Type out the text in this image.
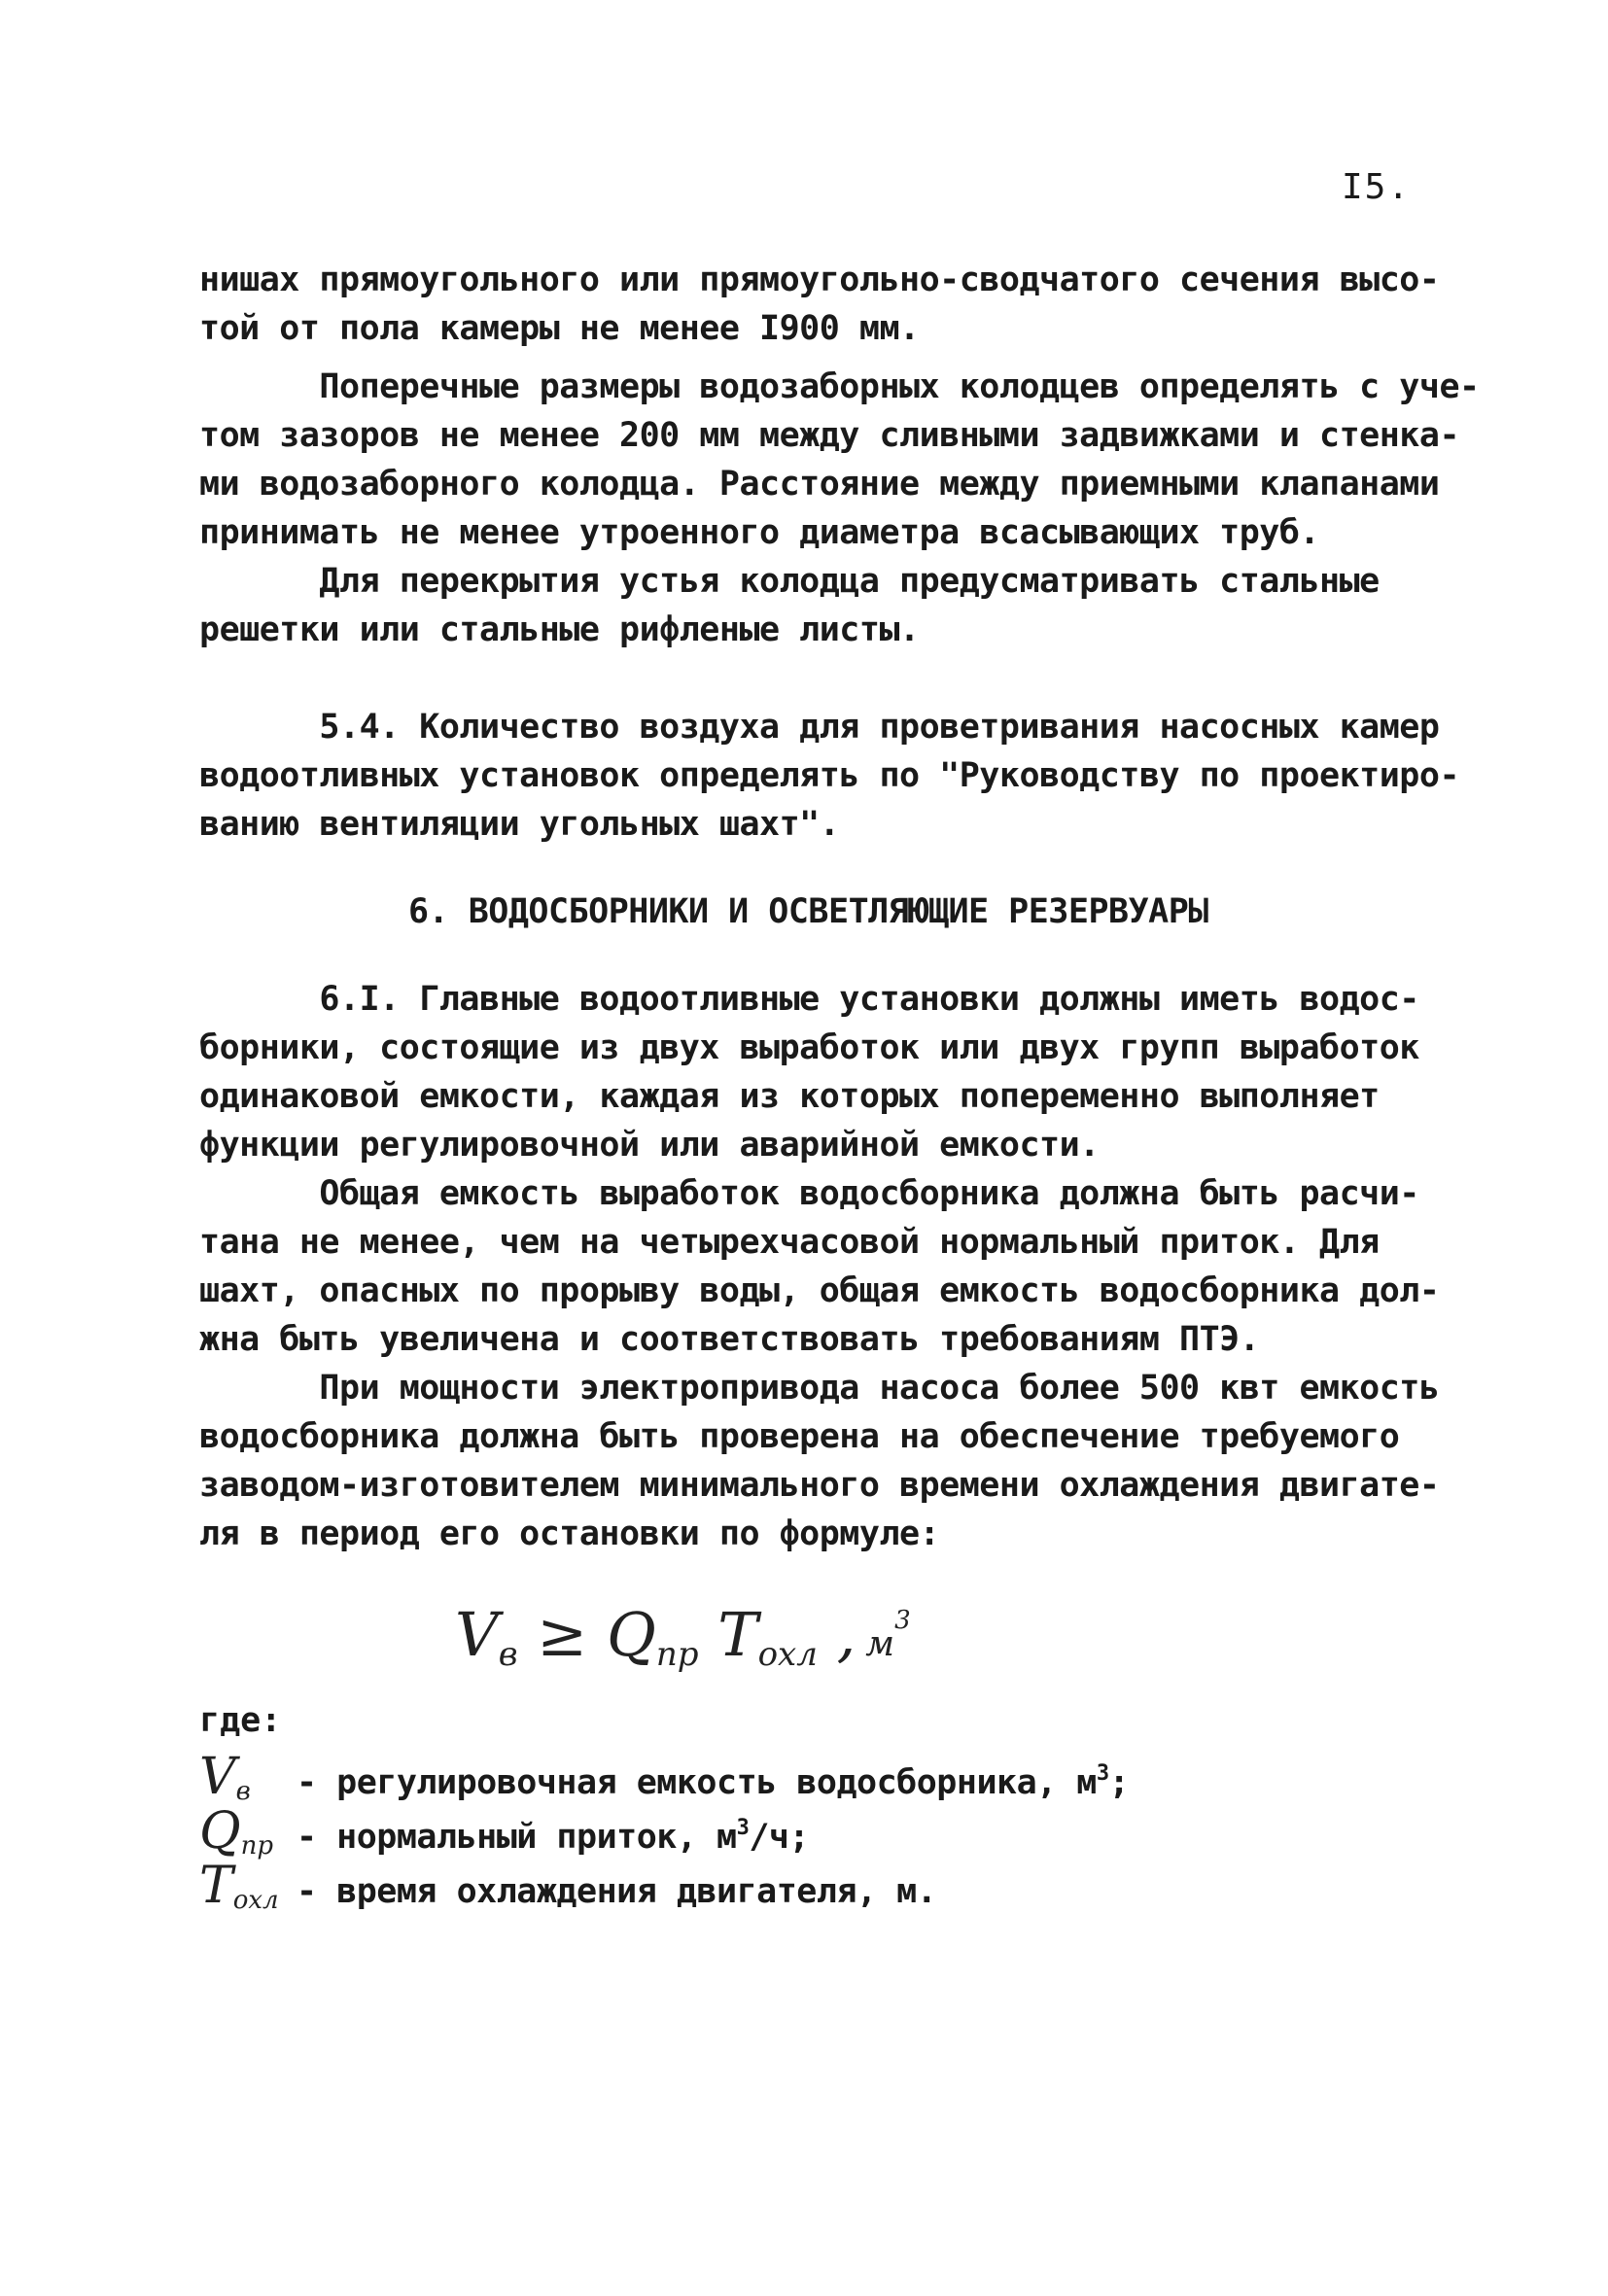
I5.
нишах прямоугольного или прямоугольно-сводчатого сечения высо-
той от пола камеры не менее I900 мм.
Поперечные размеры водозаборных колодцев определять с уче-
том зазоров не менее 200 мм между сливными задвижками и стенка-
ми водозаборного колодца. Расстояние между приемными клапанами
принимать не менее утроенного диаметра всасывающих труб.
Для перекрытия устья колодца предусматривать стальные
решетки или стальные рифленые листы.
5.4. Количество воздуха для проветривания насосных камер
водоотливных установок определять по "Руководству по проектиро-
ванию вентиляции угольных шахт".
6. ВОДОСБОРНИКИ И ОСВЕТЛЯЮЩИЕ РЕЗЕРВУАРЫ
6.I. Главные водоотливные установки должны иметь водос-
борники, состоящие из двух выработок или двух групп выработок
одинаковой емкости, каждая из которых попеременно выполняет
функции регулировочной или аварийной емкости.
Общая емкость выработок водосборника должна быть расчи-
тана не менее, чем на четырехчасовой нормальный приток. Для
шахт, опасных по прорыву воды, общая емкость водосборника дол-
жна быть увеличена и соответствовать требованиям ПТЭ.
При мощности электропривода насоса более 500 квт емкость
водосборника должна быть проверена на обеспечение требуемого
заводом-изготовителем минимального времени охлаждения двигате-
ля в период его остановки по формуле:
$V_в \ge Q_{пр}$ $T_{охл}$ , $м^3$
где:
$V_в$	- регулировочная емкость водосборника, $м^3$;
$Q_{пр}$ - нормальный приток, $м^3/ч$;
$T_{охл}$ - время охлаждения двигателя, м.
